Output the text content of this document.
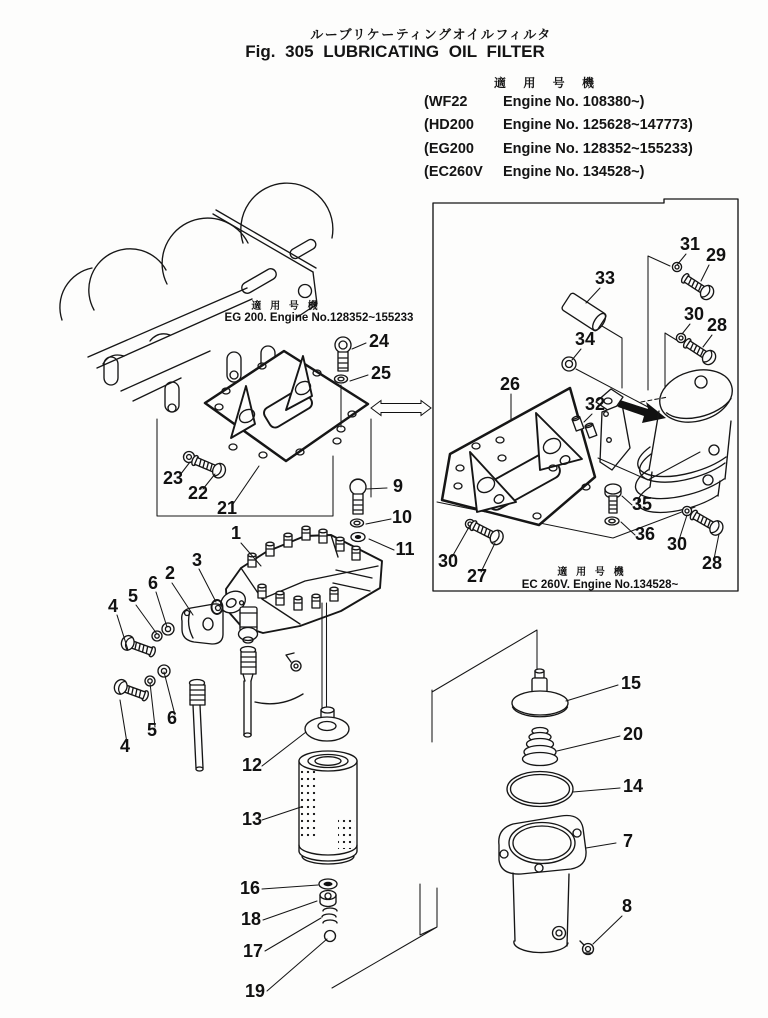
ルーブリケーティングオイルフィルタ
Fig. 305 LUBRICATING OIL FILTER
適 用 号 機
(WF22 Engine No. 108380~)
(HD200 Engine No. 125628~147773)
(EG200 Engine No. 128352~155233)
(EC260V Engine No. 134528~)
1
2
3
4
4
5
5
6
6
7
8
9
10
11
12
13
14
15
16
17
18
19
20
21
22
23
24
25
26
27
28
28
29
30
30
30
31
32
33
34
35
36
適 用 号 機
EG 200. Engine No.128352~155233
適 用 号 機
EC 260V. Engine No.134528~
